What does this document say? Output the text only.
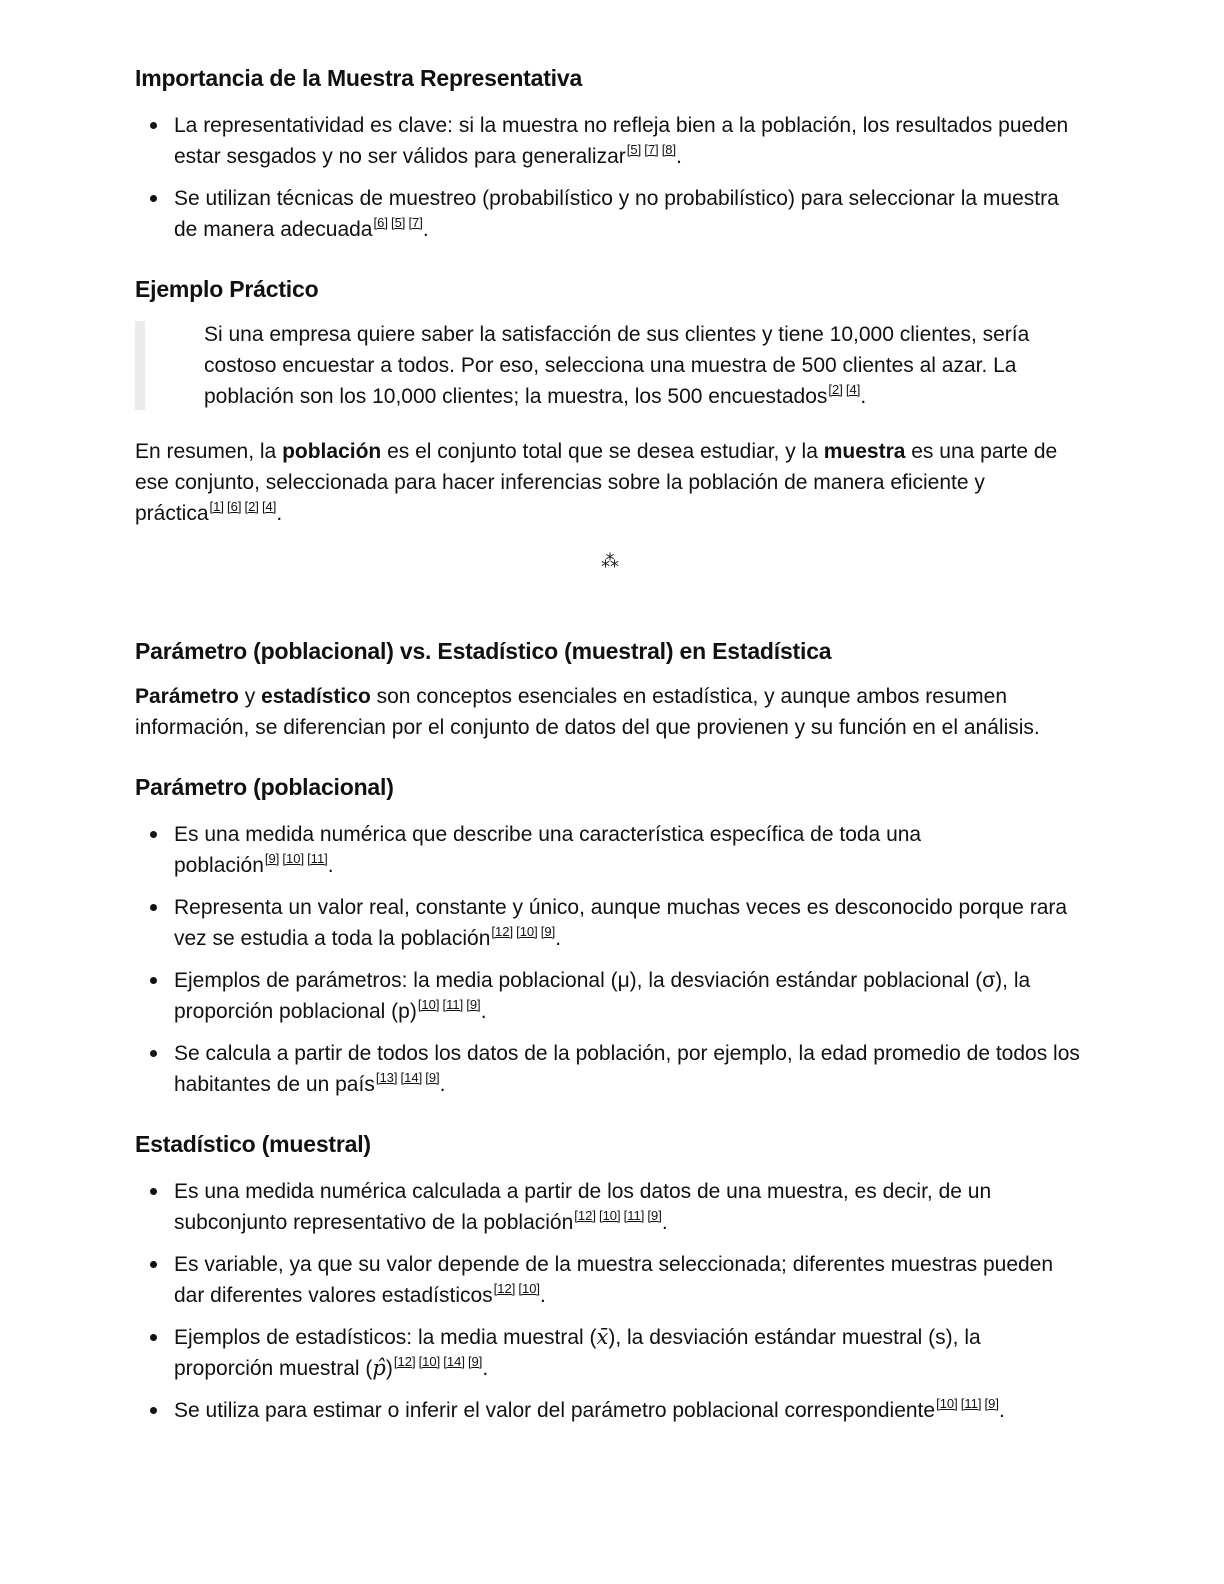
Importancia de la Muestra Representativa
La representatividad es clave: si la muestra no refleja bien a la población, los resultados pueden estar sesgados y no ser válidos para generalizar[5] [7] [8].
Se utilizan técnicas de muestreo (probabilístico y no probabilístico) para seleccionar la muestra de manera adecuada[6] [5] [7].
Ejemplo Práctico

Si una empresa quiere saber la satisfacción de sus clientes y tiene 10,000 clientes, sería costoso encuestar a todos. Por eso, selecciona una muestra de 500 clientes al azar. La población son los 10,000 clientes; la muestra, los 500 encuestados[2] [4].

En resumen, la población es el conjunto total que se desea estudiar, y la muestra es una parte de ese conjunto, seleccionada para hacer inferencias sobre la población de manera eficiente y práctica[1] [6] [2] [4].

⁂
Parámetro (poblacional) vs. Estadístico (muestral) en Estadística

Parámetro y estadístico son conceptos esenciales en estadística, y aunque ambos resumen información, se diferencian por el conjunto de datos del que provienen y su función en el análisis.

Parámetro (poblacional)
Es una medida numérica que describe una característica específica de toda una población[9] [10] [11].
Representa un valor real, constante y único, aunque muchas veces es desconocido porque rara vez se estudia a toda la población[12] [10] [9].
Ejemplos de parámetros: la media poblacional (μ), la desviación estándar poblacional (σ), la proporción poblacional (p)[10] [11] [9].
Se calcula a partir de todos los datos de la población, por ejemplo, la edad promedio de todos los habitantes de un país[13] [14] [9].
Estadístico (muestral)
Es una medida numérica calculada a partir de los datos de una muestra, es decir, de un subconjunto representativo de la población[12] [10] [11] [9].
Es variable, ya que su valor depende de la muestra seleccionada; diferentes muestras pueden dar diferentes valores estadísticos[12] [10].
Ejemplos de estadísticos: la media muestral (x̄), la desviación estándar muestral (s), la proporción muestral (p̂)[12] [10] [14] [9].
Se utiliza para estimar o inferir el valor del parámetro poblacional correspondiente[10] [11] [9].
